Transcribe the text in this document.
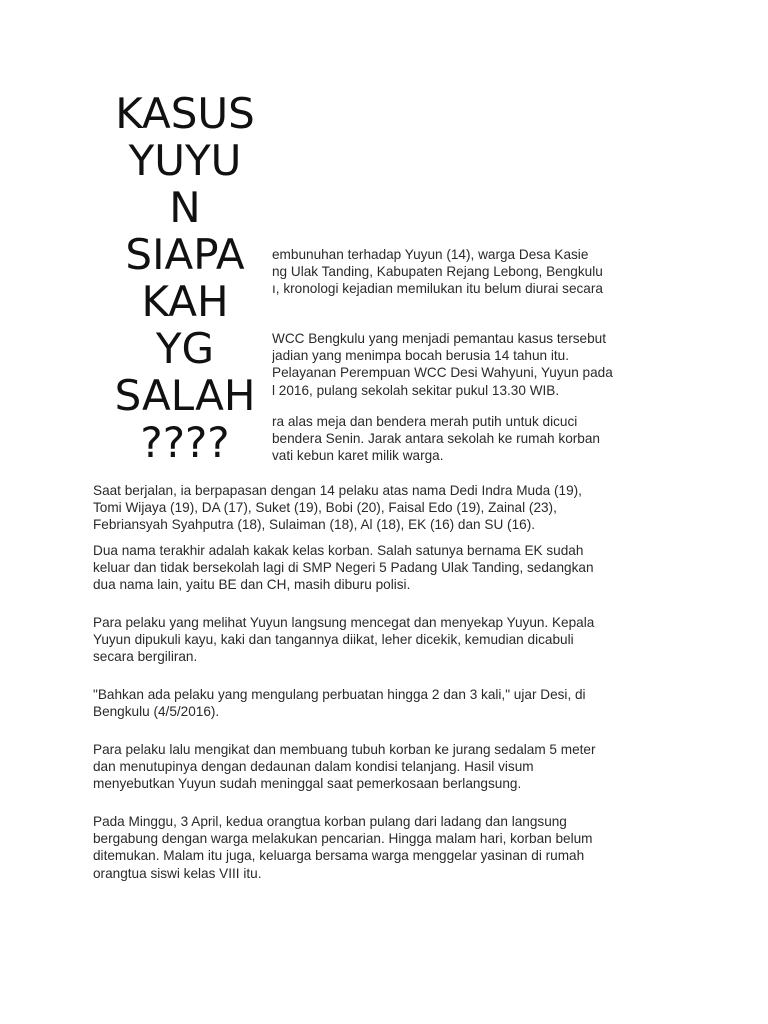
KASUS
YUYU
N
SIAPA
KAH
YG
SALAH
????

embunuhan terhadap Yuyun (14), warga Desa Kasie
ng Ulak Tanding, Kabupaten Rejang Lebong, Bengkulu
ı, kronologi kejadian memilukan itu belum diurai secara

WCC Bengkulu yang menjadi pemantau kasus tersebut
jadian yang menimpa bocah berusia 14 tahun itu.
Pelayanan Perempuan WCC Desi Wahyuni, Yuyun pada
l 2016, pulang sekolah sekitar pukul 13.30 WIB.

ra alas meja dan bendera merah putih untuk dicuci
bendera Senin. Jarak antara sekolah ke rumah korban
vati kebun karet milik warga.

Saat berjalan, ia berpapasan dengan 14 pelaku atas nama Dedi Indra Muda (19),
Tomi Wijaya (19), DA (17), Suket (19), Bobi (20), Faisal Edo (19), Zainal (23),
Febriansyah Syahputra (18), Sulaiman (18), Al (18), EK (16) dan SU (16).

Dua nama terakhir adalah kakak kelas korban. Salah satunya bernama EK sudah
keluar dan tidak bersekolah lagi di SMP Negeri 5 Padang Ulak Tanding, sedangkan
dua nama lain, yaitu BE dan CH, masih diburu polisi.

Para pelaku yang melihat Yuyun langsung mencegat dan menyekap Yuyun. Kepala
Yuyun dipukuli kayu, kaki dan tangannya diikat, leher dicekik, kemudian dicabuli
secara bergiliran.

"Bahkan ada pelaku yang mengulang perbuatan hingga 2 dan 3 kali," ujar Desi, di
Bengkulu (4/5/2016).

Para pelaku lalu mengikat dan membuang tubuh korban ke jurang sedalam 5 meter
dan menutupinya dengan dedaunan dalam kondisi telanjang. Hasil visum
menyebutkan Yuyun sudah meninggal saat pemerkosaan berlangsung.

Pada Minggu, 3 April, kedua orangtua korban pulang dari ladang dan langsung
bergabung dengan warga melakukan pencarian. Hingga malam hari, korban belum
ditemukan. Malam itu juga, keluarga bersama warga menggelar yasinan di rumah
orangtua siswi kelas VIII itu.
